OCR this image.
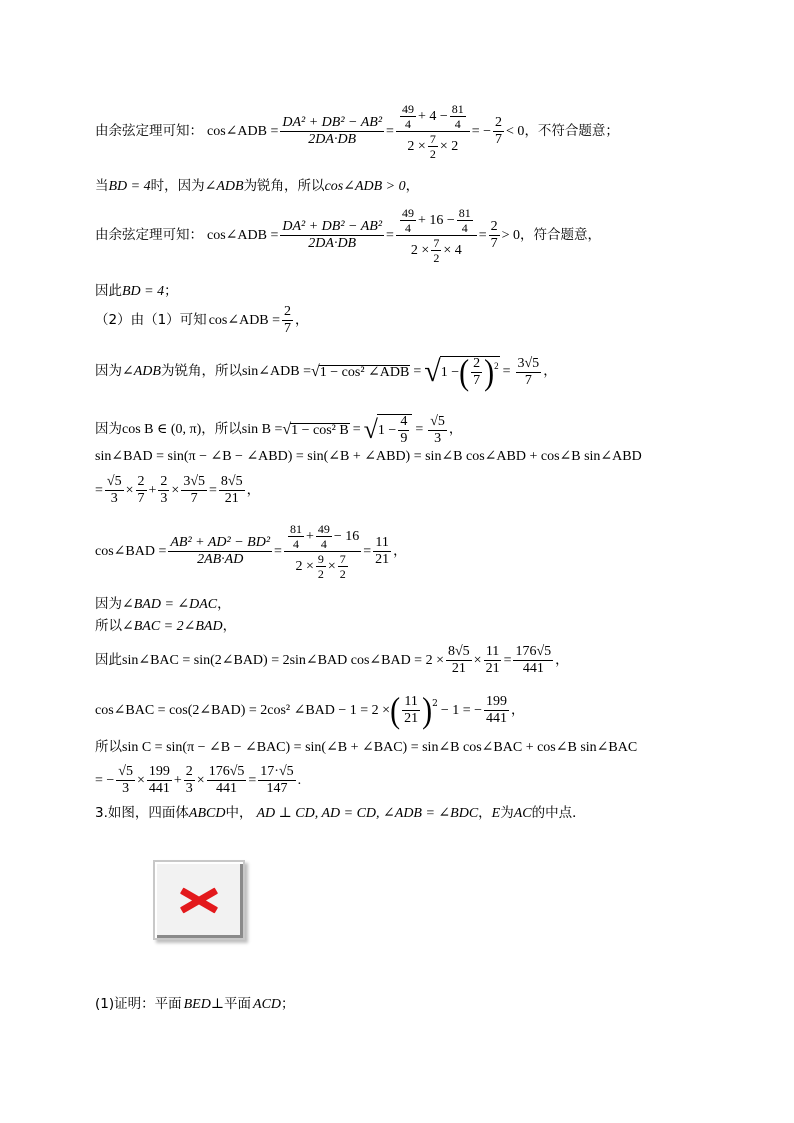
由余弦定理可知： cos∠ADB = $\frac{\text{DA² + DB² − AB²}}{2DA\cdot DB} = \frac{\frac{49}{4} + 4 - \frac{81}{4}}{2 \times \frac{7}{2} \times 2}$ = − $\frac{2}{7} < 0$ ，不符合题意；
当 BD = 4 时，因为 ∠ADB 为锐角，所以 cos∠ADB > 0 ，
由余弦定理可知： cos∠ADB = $\frac{\text{DA² + DB² − AB²}}{2DA\cdot DB} = \frac{\frac{49}{4} + 16 - \frac{81}{4}}{2 \times \frac{7}{2} \times 4} = \frac{2}{7} > 0$ ，符合题意，
因此 BD = 4 ；
（2）由（1）可知 cos∠ADB = $\frac{2}{7}$ ，
因为 ∠ADB 为锐角，所以 sin∠ADB = √ 1 − cos² ∠ADB = √ 1 − ( $\frac{2}{7}$ ) $2 = \frac{3√5}{7}$ ，
因为 cos B ∈ (0, π) ，所以 sin B = √ 1 − cos² B = √ $1 - \frac{4}{9} = \frac{√5}{3}$ ，
sin∠BAD = sin(π − ∠B − ∠ABD) = sin(∠B + ∠ABD) = sin∠B cos∠ABD + cos∠B sin∠ABD
= $\frac{√5}{3} \times \frac{2}{7} + \frac{2}{3} \times \frac{3√5}{7} = \frac{8√5}{21}$ ，
cos∠BAD = $\frac{\text{AB² + AD² − BD²}}{2AB\cdot AD} = \frac{\frac{81}{4} + \frac{49}{4} - 16}{2 \times \frac{9}{2} \times \frac{7}{2}} = \frac{11}{21}$ ，
因为 ∠BAD = ∠DAC ，
所以 ∠BAC = 2∠BAD ，
因此 sin∠BAC = sin(2∠BAD) = 2sin∠BAD cos∠BAD = $2 \times \frac{8√5}{21} \times \frac{11}{21} = \frac{176√5}{441}$ ，
cos∠BAC = cos(2∠BAD) = 2cos² ∠BAD − 1 = 2 × ( $\frac{11}{21}$ ) 2 − 1 = − $\frac{199}{441}$ ，
所以 sin C = sin(π − ∠B − ∠BAC) = sin(∠B + ∠BAC) = sin∠B cos∠BAC + cos∠B sin∠BAC
= − $\frac{√5}{3} \times \frac{199}{441} + \frac{2}{3} \times \frac{176√5}{441} = \frac{17\cdot√5}{147}$ .
3.如图，四面体 ABCD 中， AD ⊥ CD, AD = CD, ∠ADB = ∠BDC ， E 为 AC 的中点．
(1)证明：平面 BED ⊥ 平面 ACD ；
